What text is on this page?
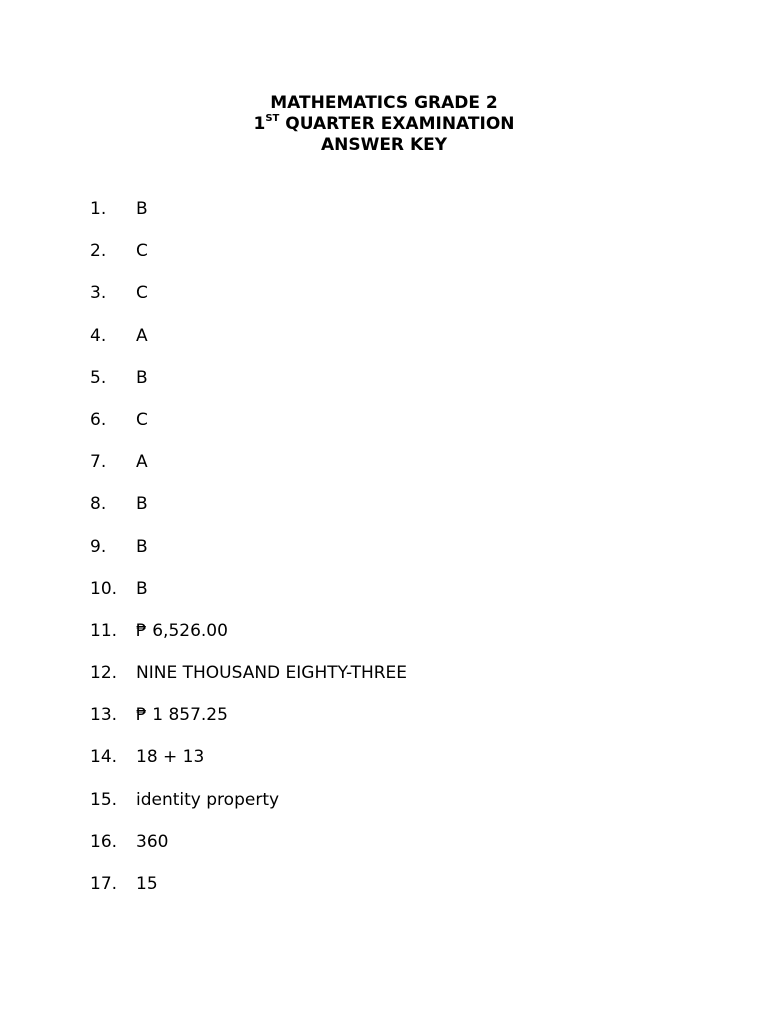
MATHEMATICS GRADE 2
1ST QUARTER EXAMINATION
ANSWER KEY
1.	B
2.	C
3.	C
4.	A
5.	B
6.	C
7.	A
8.	B
9.	B
10.	B
11.	₱ 6,526.00
12.	NINE THOUSAND EIGHTY-THREE
13.	₱ 1 857.25
14.	18 + 13
15.	identity property
16.	360
17.	15
